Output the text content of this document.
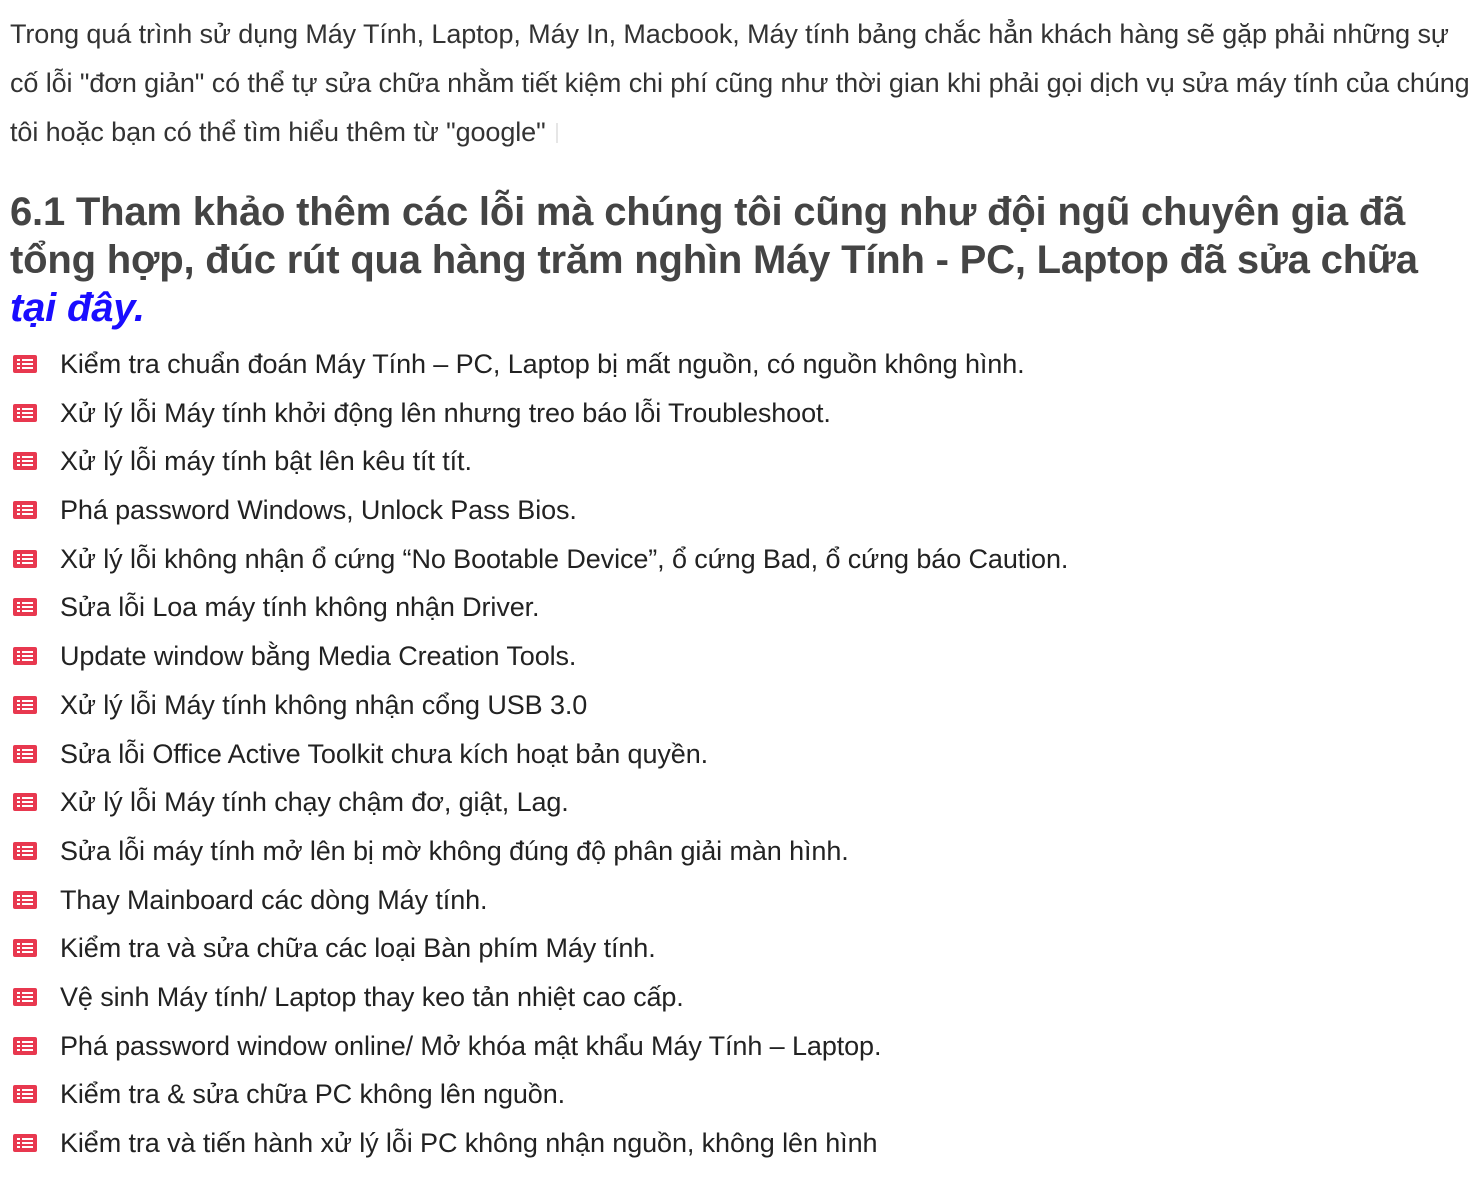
Trong quá trình sử dụng Máy Tính, Laptop, Máy In, Macbook, Máy tính bảng chắc hẳn khách hàng sẽ gặp phải những sự cố lỗi "đơn giản" có thể tự sửa chữa nhằm tiết kiệm chi phí cũng như thời gian khi phải gọi dịch vụ sửa máy tính của chúng tôi hoặc bạn có thể tìm hiểu thêm từ "google"

6.1 Tham khảo thêm các lỗi mà chúng tôi cũng như đội ngũ chuyên gia đã tổng hợp, đúc rút qua hàng trăm nghìn Máy Tính - PC, Laptop đã sửa chữa tại đây.
Kiểm tra chuẩn đoán Máy Tính – PC, Laptop bị mất nguồn, có nguồn không hình.
Xử lý lỗi Máy tính khởi động lên nhưng treo báo lỗi Troubleshoot.
Xử lý lỗi máy tính bật lên kêu tít tít.
Phá password Windows, Unlock Pass Bios.
Xử lý lỗi không nhận ổ cứng “No Bootable Device”, ổ cứng Bad, ổ cứng báo Caution.
Sửa lỗi Loa máy tính không nhận Driver.
Update window bằng Media Creation Tools.
Xử lý lỗi Máy tính không nhận cổng USB 3.0
Sửa lỗi Office Active Toolkit chưa kích hoạt bản quyền.
Xử lý lỗi Máy tính chạy chậm đơ, giật, Lag.
Sửa lỗi máy tính mở lên bị mờ không đúng độ phân giải màn hình.
Thay Mainboard các dòng Máy tính.
Kiểm tra và sửa chữa các loại Bàn phím Máy tính.
Vệ sinh Máy tính/ Laptop thay keo tản nhiệt cao cấp.
Phá password window online/ Mở khóa mật khẩu Máy Tính – Laptop.
Kiểm tra & sửa chữa PC không lên nguồn.
Kiểm tra và tiến hành xử lý lỗi PC không nhận nguồn, không lên hình
